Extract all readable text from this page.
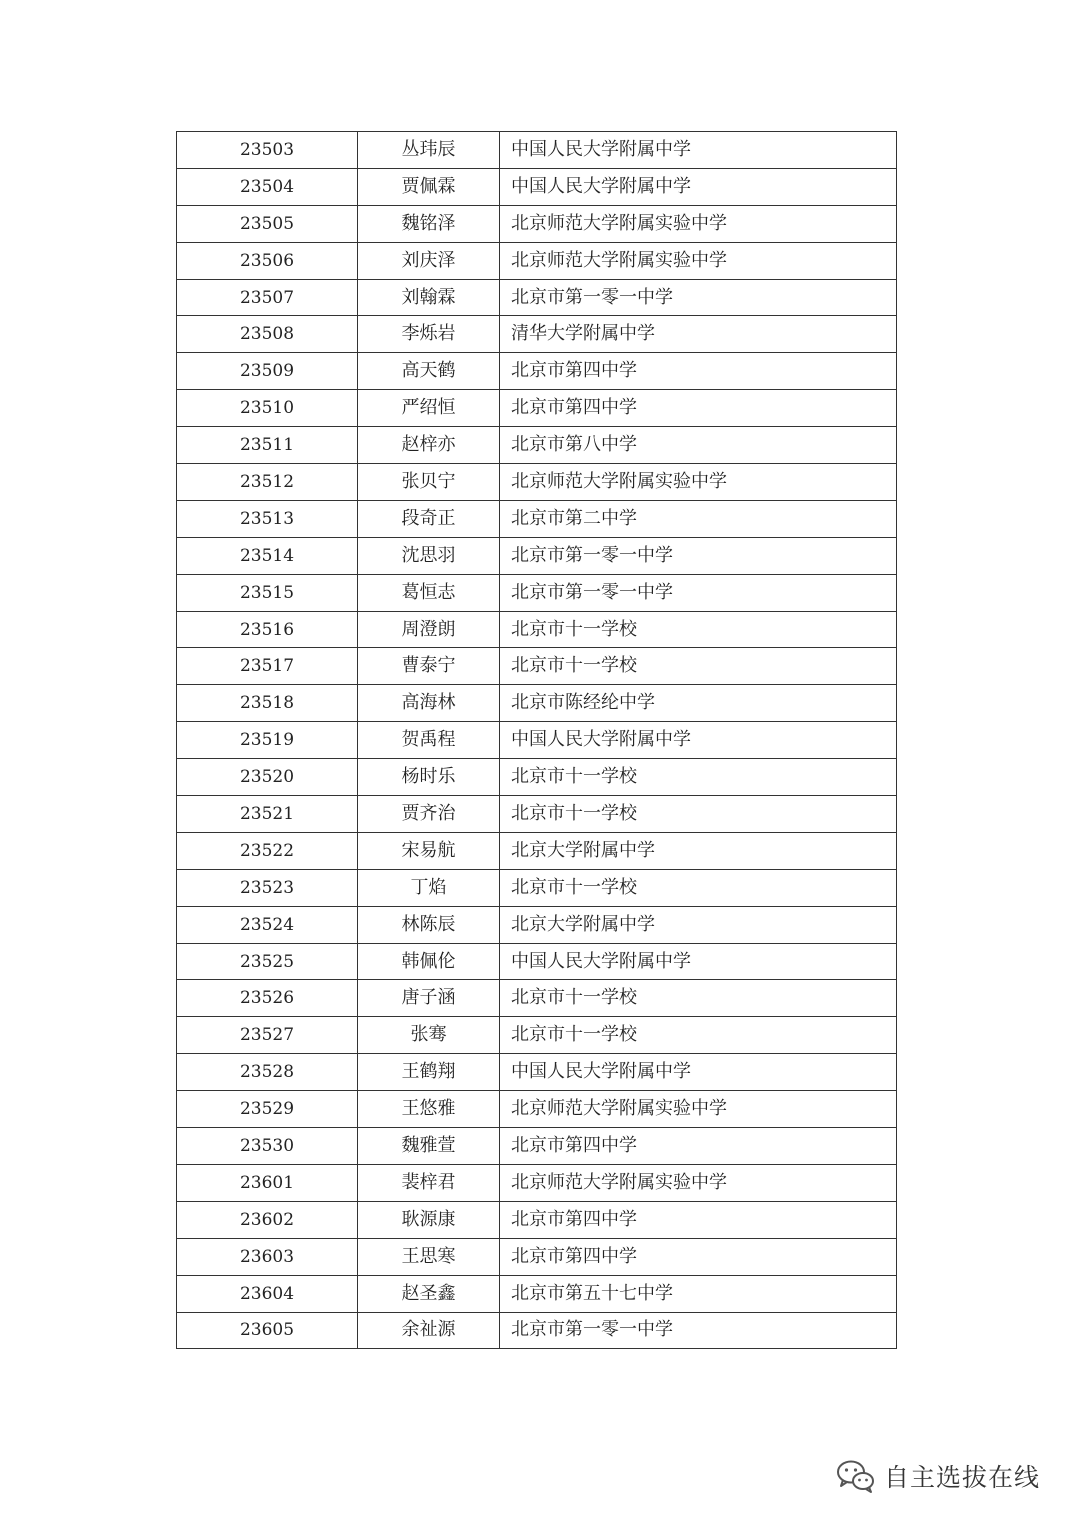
23503	丛玮辰	中国人民大学附属中学
23504	贾佩霖	中国人民大学附属中学
23505	魏铭泽	北京师范大学附属实验中学
23506	刘庆泽	北京师范大学附属实验中学
23507	刘翰霖	北京市第一零一中学
23508	李烁岩	清华大学附属中学
23509	高天鹤	北京市第四中学
23510	严绍恒	北京市第四中学
23511	赵梓亦	北京市第八中学
23512	张贝宁	北京师范大学附属实验中学
23513	段奇正	北京市第二中学
23514	沈思羽	北京市第一零一中学
23515	葛恒志	北京市第一零一中学
23516	周澄朗	北京市十一学校
23517	曹泰宁	北京市十一学校
23518	高海林	北京市陈经纶中学
23519	贺禹程	中国人民大学附属中学
23520	杨时乐	北京市十一学校
23521	贾齐治	北京市十一学校
23522	宋易航	北京大学附属中学
23523	丁焰	北京市十一学校
23524	林陈辰	北京大学附属中学
23525	韩佩伦	中国人民大学附属中学
23526	唐子涵	北京市十一学校
23527	张骞	北京市十一学校
23528	王鹤翔	中国人民大学附属中学
23529	王悠雅	北京师范大学附属实验中学
23530	魏雅萱	北京市第四中学
23601	裴梓君	北京师范大学附属实验中学
23602	耿源康	北京市第四中学
23603	王思寒	北京市第四中学
23604	赵圣鑫	北京市第五十七中学
23605	余祉源	北京市第一零一中学
自主选拔在线
